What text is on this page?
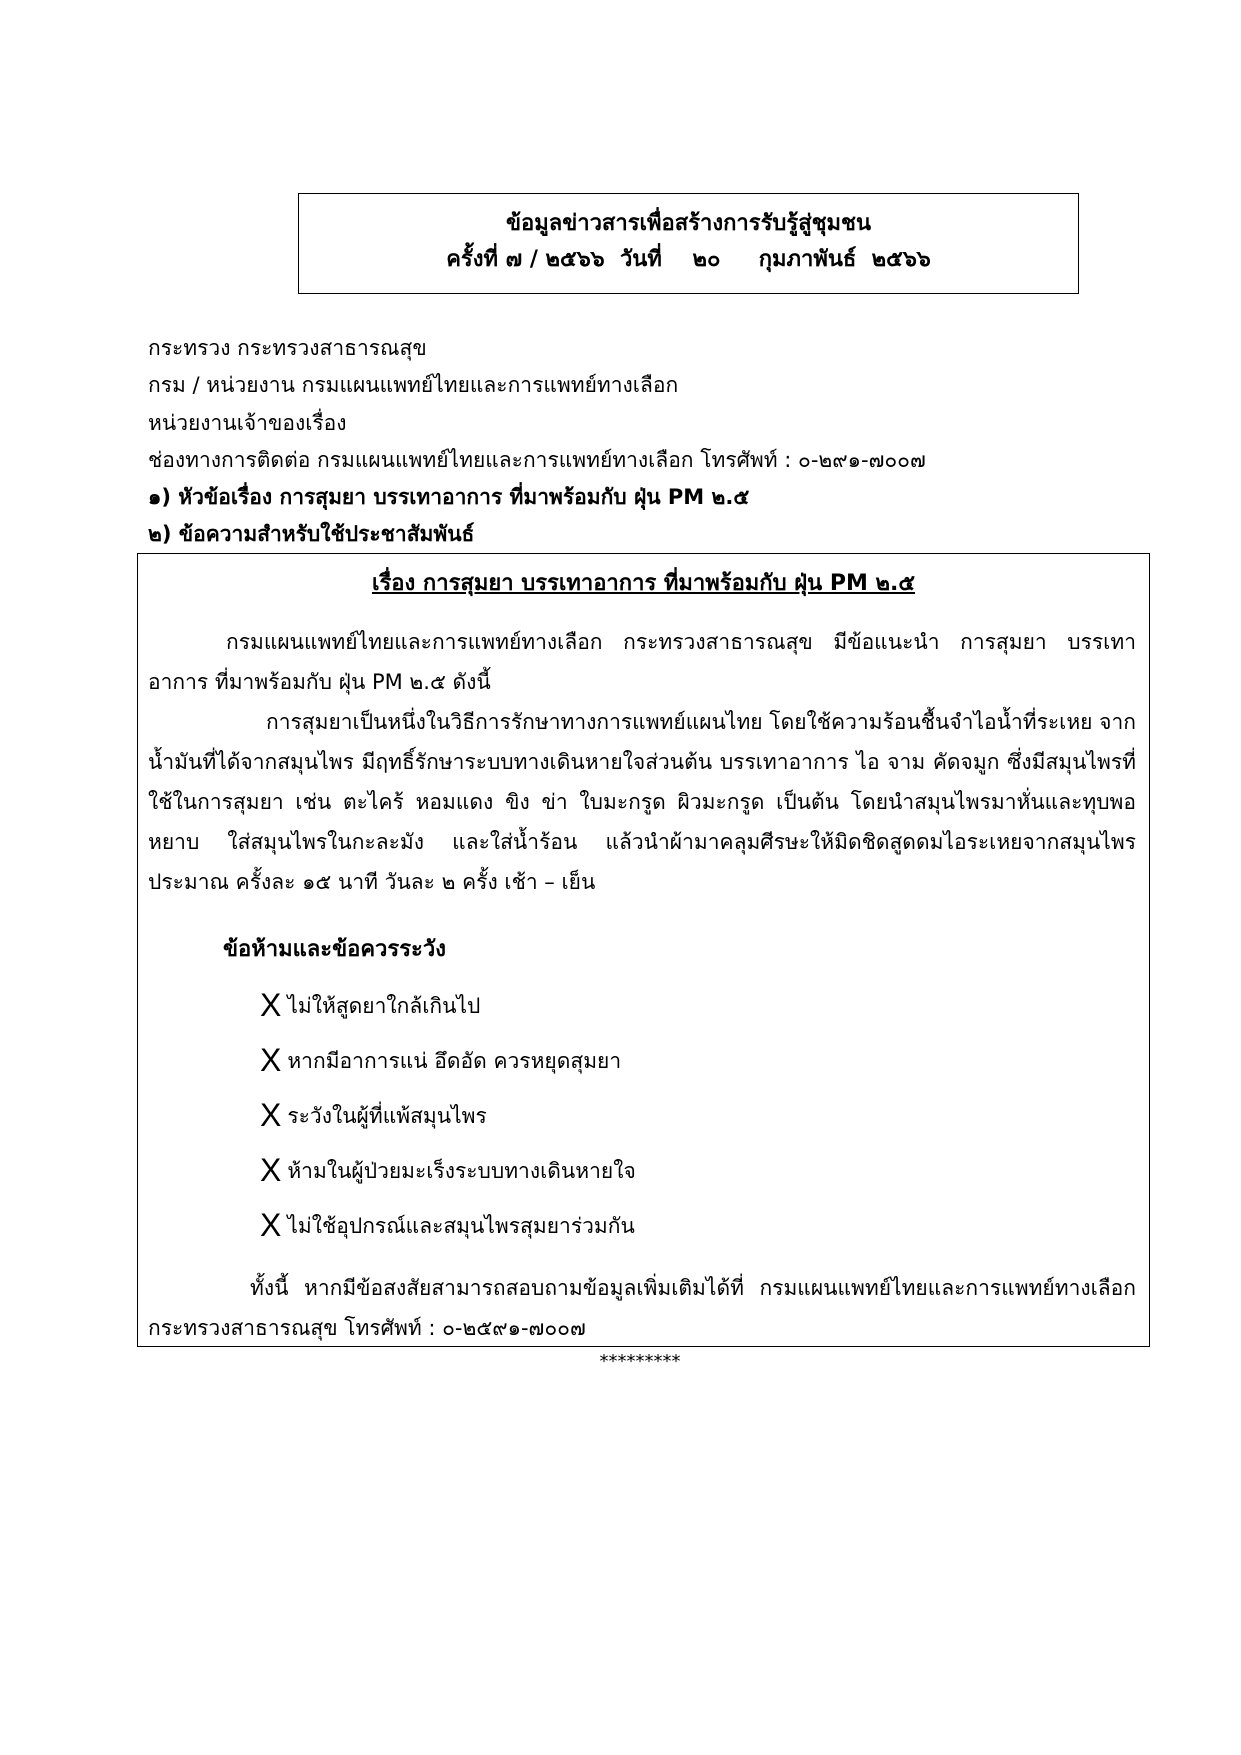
ข้อมูลข่าวสารเพื่อสร้างการรับรู้สู่ชุมชน
ครั้งที่ ๗ / ๒๕๖๖  วันที่    ๒๐     กุมภาพันธ์  ๒๕๖๖
กระทรวง กระทรวงสาธารณสุข
กรม / หน่วยงาน กรมแผนแพทย์ไทยและการแพทย์ทางเลือก
หน่วยงานเจ้าของเรื่อง
ช่องทางการติดต่อ กรมแผนแพทย์ไทยและการแพทย์ทางเลือก โทรศัพท์ : ๐-๒๙๑-๗๐๐๗
๑) หัวข้อเรื่อง การสุมยา บรรเทาอาการ ที่มาพร้อมกับ ฝุ่น PM ๒.๕
๒) ข้อความสำหรับใช้ประชาสัมพันธ์
เรื่อง การสุมยา บรรเทาอาการ ที่มาพร้อมกับ ฝุ่น PM ๒.๕
กรมแผนแพทย์ไทยและการแพทย์ทางเลือก กระทรวงสาธารณสุข มีข้อแนะนำ การสุมยา บรรเทาอาการ ที่มาพร้อมกับ ฝุ่น PM ๒.๕ ดังนี้
การสุมยาเป็นหนึ่งในวิธีการรักษาทางการแพทย์แผนไทย โดยใช้ความร้อนชื้นจำไอน้ำที่ระเหย จากน้ำมันที่ได้จากสมุนไพร มีฤทธิ์รักษาระบบทางเดินหายใจส่วนต้น บรรเทาอาการ ไอ จาม คัดจมูก ซึ่งมีสมุนไพรที่ใช้ในการสุมยา เช่น ตะไคร้ หอมแดง ขิง ข่า ใบมะกรูด ผิวมะกรูด เป็นต้น โดยนำสมุนไพรมาหั่นและทุบพอหยาบ ใส่สมุนไพรในกะละมัง และใส่น้ำร้อน แล้วนำผ้ามาคลุมศีรษะให้มิดชิดสูดดมไอระเหยจากสมุนไพรประมาณ ครั้งละ ๑๕ นาที วันละ ๒ ครั้ง เช้า – เย็น
ข้อห้ามและข้อควรระวัง
Xไม่ให้สูดยาใกล้เกินไป
Xหากมีอาการแน่ อึดอัด ควรหยุดสุมยา
Xระวังในผู้ที่แพ้สมุนไพร
Xห้ามในผู้ป่วยมะเร็งระบบทางเดินหายใจ
Xไม่ใช้อุปกรณ์และสมุนไพรสุมยาร่วมกัน
ทั้งนี้ หากมีข้อสงสัยสามารถสอบถามข้อมูลเพิ่มเติมได้ที่ กรมแผนแพทย์ไทยและการแพทย์ทางเลือก กระทรวงสาธารณสุข โทรศัพท์ : ๐-๒๕๙๑-๗๐๐๗
*********
